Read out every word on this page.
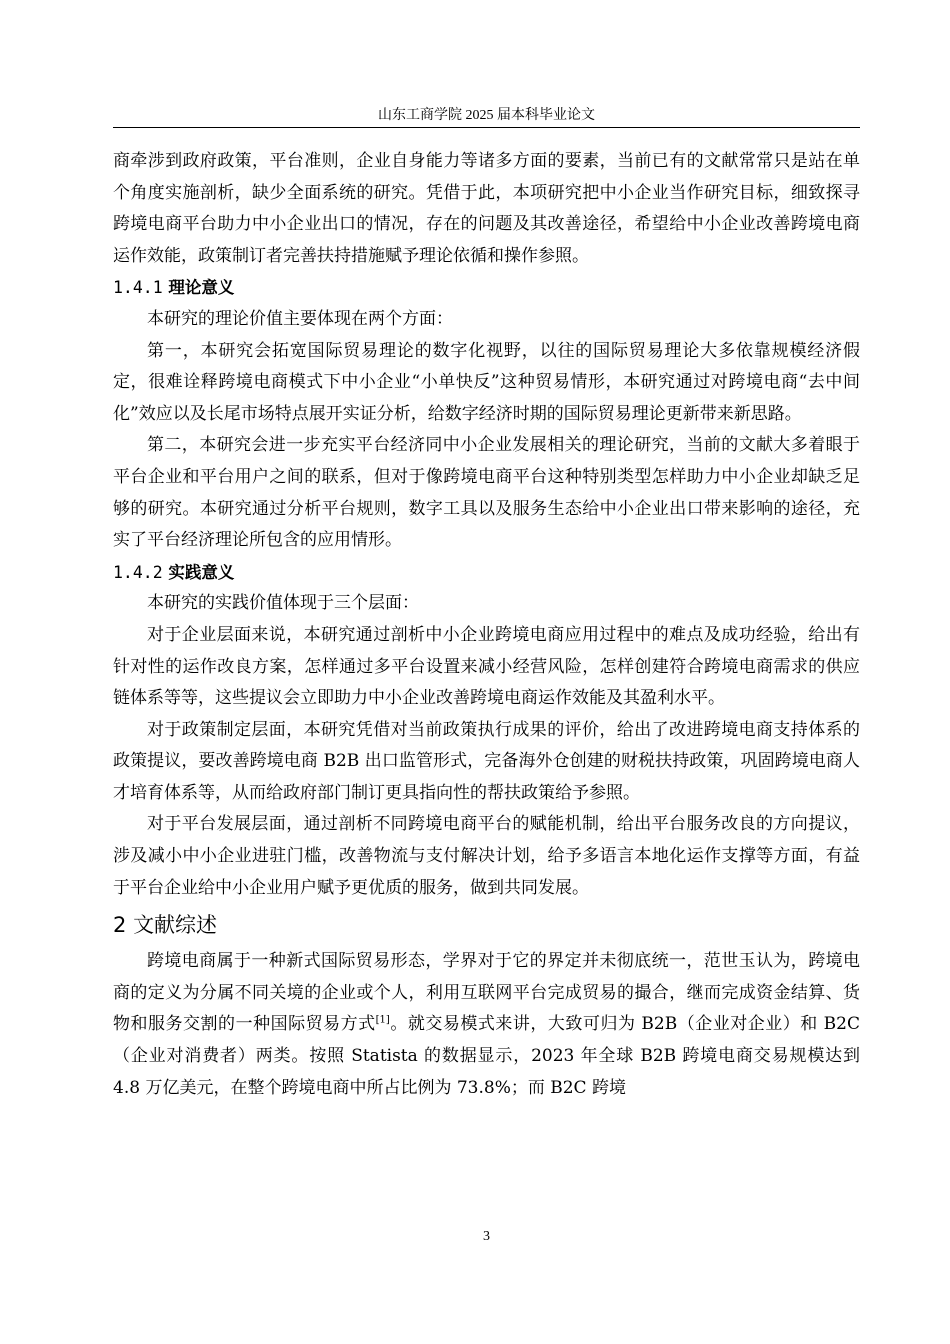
山东工商学院 2025 届本科毕业论文

商牵涉到政府政策，平台准则，企业自身能力等诸多方面的要素，当前已有的文献常常只是站在单个角度实施剖析，缺少全面系统的研究。凭借于此，本项研究把中小企业当作研究目标，细致探寻跨境电商平台助力中小企业出口的情况，存在的问题及其改善途径，希望给中小企业改善跨境电商运作效能，政策制订者完善扶持措施赋予理论依循和操作参照。

1.4.1 理论意义

本研究的理论价值主要体现在两个方面：

第一，本研究会拓宽国际贸易理论的数字化视野，以往的国际贸易理论大多依靠规模经济假定，很难诠释跨境电商模式下中小企业“小单快反”这种贸易情形，本研究通过对跨境电商“去中间化”效应以及长尾市场特点展开实证分析，给数字经济时期的国际贸易理论更新带来新思路。

第二，本研究会进一步充实平台经济同中小企业发展相关的理论研究，当前的文献大多着眼于平台企业和平台用户之间的联系，但对于像跨境电商平台这种特别类型怎样助力中小企业却缺乏足够的研究。本研究通过分析平台规则，数字工具以及服务生态给中小企业出口带来影响的途径，充实了平台经济理论所包含的应用情形。

1.4.2 实践意义

本研究的实践价值体现于三个层面：

对于企业层面来说，本研究通过剖析中小企业跨境电商应用过程中的难点及成功经验，给出有针对性的运作改良方案，怎样通过多平台设置来减小经营风险，怎样创建符合跨境电商需求的供应链体系等等，这些提议会立即助力中小企业改善跨境电商运作效能及其盈利水平。

对于政策制定层面，本研究凭借对当前政策执行成果的评价，给出了改进跨境电商支持体系的政策提议，要改善跨境电商 B2B 出口监管形式，完备海外仓创建的财税扶持政策，巩固跨境电商人才培育体系等，从而给政府部门制订更具指向性的帮扶政策给予参照。

对于平台发展层面，通过剖析不同跨境电商平台的赋能机制，给出平台服务改良的方向提议，涉及减小中小企业进驻门槛，改善物流与支付解决计划，给予多语言本地化运作支撑等方面，有益于平台企业给中小企业用户赋予更优质的服务，做到共同发展。

2 文献综述

跨境电商属于一种新式国际贸易形态，学界对于它的界定并未彻底统一，范世玉认为，跨境电商的定义为分属不同关境的企业或个人，利用互联网平台完成贸易的撮合，继而完成资金结算、货物和服务交割的一种国际贸易方式[1]。就交易模式来讲，大致可归为 B2B（企业对企业）和 B2C（企业对消费者）两类。按照 Statista 的数据显示，2023 年全球 B2B 跨境电商交易规模达到 4.8 万亿美元，在整个跨境电商中所占比例为 73.8%；而 B2C 跨境

3
